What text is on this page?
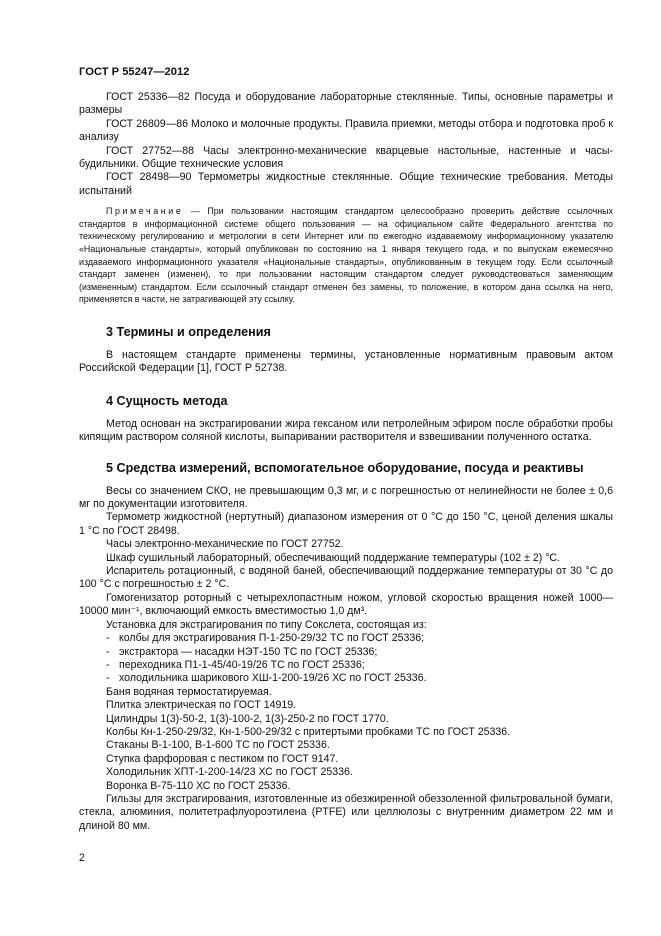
ГОСТ Р 55247—2012

ГОСТ 25336—82 Посуда и оборудование лабораторные стеклянные. Типы, основные параметры и размеры

ГОСТ 26809—86 Молоко и молочные продукты. Правила приемки, методы отбора и подготовка проб к анализу

ГОСТ 27752—88 Часы электронно-механические кварцевые настольные, настенные и часы-будильники. Общие технические условия

ГОСТ 28498—90 Термометры жидкостные стеклянные. Общие технические требования. Методы испытаний

Примечание — При пользовании настоящим стандартом целесообразно проверить действие ссылочных стандартов в информационной системе общего пользования — на официальном сайте Федерального агентства по техническому регулированию и метрологии в сети Интернет или по ежегодно издаваемому информационному указателю «Национальные стандарты», который опубликован по состоянию на 1 января текущего года, и по выпускам ежемесячно издаваемого информационного указателя «Национальные стандарты», опубликованным в текущем году. Если ссылочный стандарт заменен (изменен), то при пользовании настоящим стандартом следует руководствоваться заменяющим (измененным) стандартом. Если ссылочный стандарт отменен без замены, то положение, в котором дана ссылка на него, применяется в части, не затрагивающей эту ссылку.
3 Термины и определения

В настоящем стандарте применены термины, установленные нормативным правовым актом Российской Федерации [1], ГОСТ Р 52738.

4 Сущность метода

Метод основан на экстрагировании жира гексаном или петролейным эфиром после обработки пробы кипящим раствором соляной кислоты, выпаривании растворителя и взвешивании полученного остатка.

5 Средства измерений, вспомогательное оборудование, посуда и реактивы

Весы со значением СКО, не превышающим 0,3 мг, и с погрешностью от нелинейности не более ± 0,6 мг по документации изготовителя.

Термометр жидкостной (нертутный) диапазоном измерения от 0 °С до 150 °С, ценой деления шкалы 1 °С по ГОСТ 28498.

Часы электронно-механические по ГОСТ 27752.

Шкаф сушильный лабораторный, обеспечивающий поддержание температуры (102 ± 2) °С.

Испаритель ротационный, с водяной баней, обеспечивающий поддержание температуры от 30 °С до 100 °С с погрешностью ± 2 °С.

Гомогенизатор роторный с четырехлопастным ножом, угловой скоростью вращения ножей 1000—10000 мин⁻¹, включающий емкость вместимостью 1,0 дм³.

Установка для экстрагирования по типу Сокслета, состоящая из:

- колбы для экстрагирования П-1-250-29/32 ТС по ГОСТ 25336;
- экстрактора — насадки НЭТ-150 ТС по ГОСТ 25336;
- переходника П1-1-45/40-19/26 ТС по ГОСТ 25336;
- холодильника шарикового ХШ-1-200-19/26 ХС по ГОСТ 25336.

Баня водяная термостатируемая.

Плитка электрическая по ГОСТ 14919.

Цилиндры 1(3)-50-2, 1(3)-100-2, 1(3)-250-2 по ГОСТ 1770.

Колбы Кн-1-250-29/32, Кн-1-500-29/32 с притертыми пробками ТС по ГОСТ 25336.

Стаканы В-1-100, В-1-600 ТС по ГОСТ 25336.

Ступка фарфоровая с пестиком по ГОСТ 9147.

Холодильник ХПТ-1-200-14/23 ХС по ГОСТ 25336.

Воронка В-75-110 ХС по ГОСТ 25336.

Гильзы для экстрагирования, изготовленные из обезжиренной обеззоленной фильтровальной бумаги, стекла, алюминия, политетрафлуороэтилена (PTFE) или целлюлозы с внутренним диаметром 22 мм и длиной 80 мм.

2
